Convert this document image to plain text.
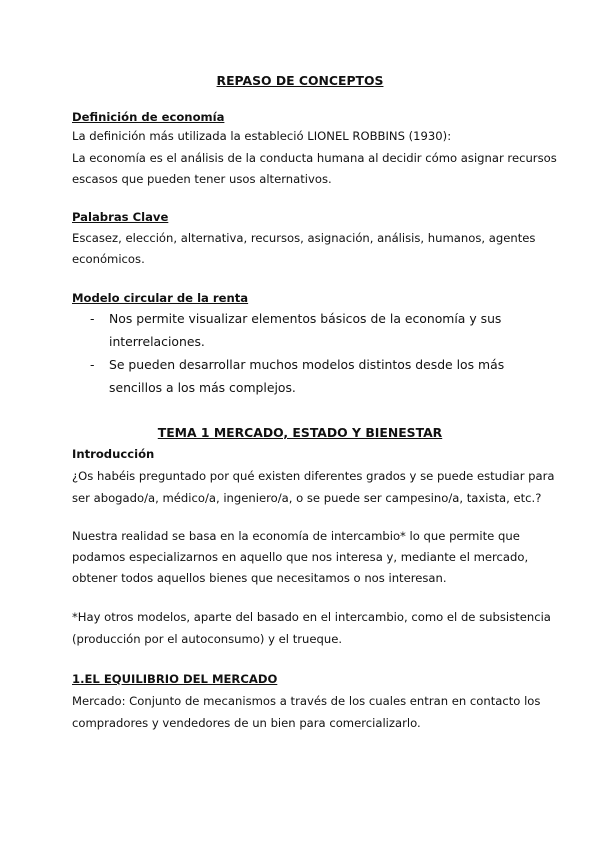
REPASO DE CONCEPTOS
Definición de economía
La definición más utilizada la estableció LIONEL ROBBINS (1930):
La economía es el análisis de la conducta humana al decidir cómo asignar recursos
escasos que pueden tener usos alternativos.
Palabras Clave
Escasez, elección, alternativa, recursos, asignación, análisis, humanos, agentes
económicos.
Modelo circular de la renta
- Nos permite visualizar elementos básicos de la economía y sus
interrelaciones.
- Se pueden desarrollar muchos modelos distintos desde los más
sencillos a los más complejos.
TEMA 1 MERCADO, ESTADO Y BIENESTAR
Introducción
¿Os habéis preguntado por qué existen diferentes grados y se puede estudiar para
ser abogado/a, médico/a, ingeniero/a, o se puede ser campesino/a, taxista, etc.?
Nuestra realidad se basa en la economía de intercambio* lo que permite que
podamos especializarnos en aquello que nos interesa y, mediante el mercado,
obtener todos aquellos bienes que necesitamos o nos interesan.
*Hay otros modelos, aparte del basado en el intercambio, como el de subsistencia
(producción por el autoconsumo) y el trueque.
1.EL EQUILIBRIO DEL MERCADO
Mercado: Conjunto de mecanismos a través de los cuales entran en contacto los
compradores y vendedores de un bien para comercializarlo.
